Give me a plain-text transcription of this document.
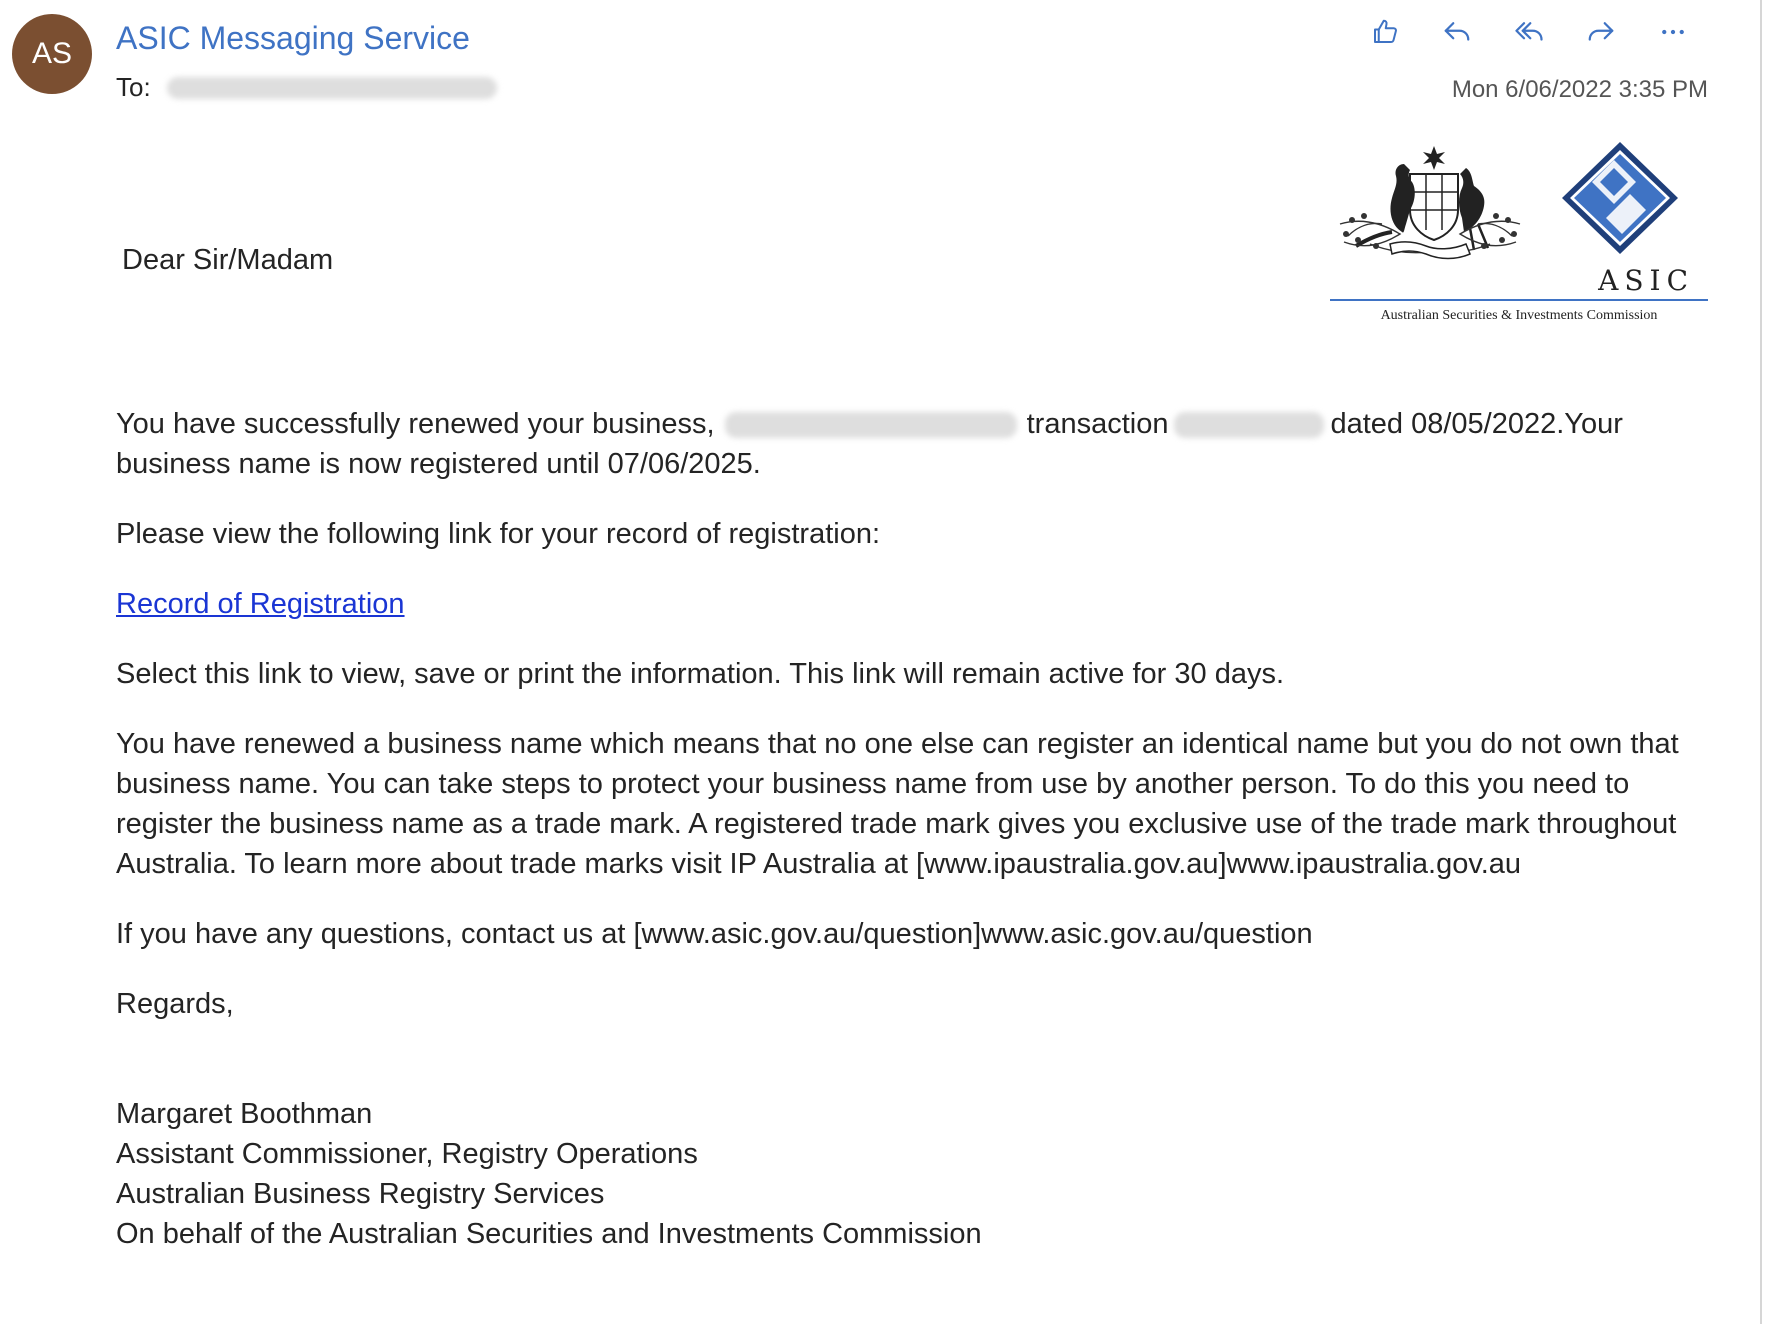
AS ASIC Messaging Service
To:	Mon 6/06/2022 3:35 PM
ASIC
Australian Securities & Investments Commission
Dear Sir/Madam

You have successfully renewed your business,	transaction	dated 08/05/2022.Your business name is now registered until 07/06/2025.

Please view the following link for your record of registration:

Record of Registration

Select this link to view, save or print the information. This link will remain active for 30 days.

You have renewed a business name which means that no one else can register an identical name but you do not own that business name. You can take steps to protect your business name from use by another person. To do this you need to register the business name as a trade mark. A registered trade mark gives you exclusive use of the trade mark throughout Australia. To learn more about trade marks visit IP Australia at [www.ipaustralia.gov.au]www.ipaustralia.gov.au

If you have any questions, contact us at [www.asic.gov.au/question]www.asic.gov.au/question

Regards,

Margaret Boothman

Assistant Commissioner, Registry Operations

Australian Business Registry Services

On behalf of the Australian Securities and Investments Commission
